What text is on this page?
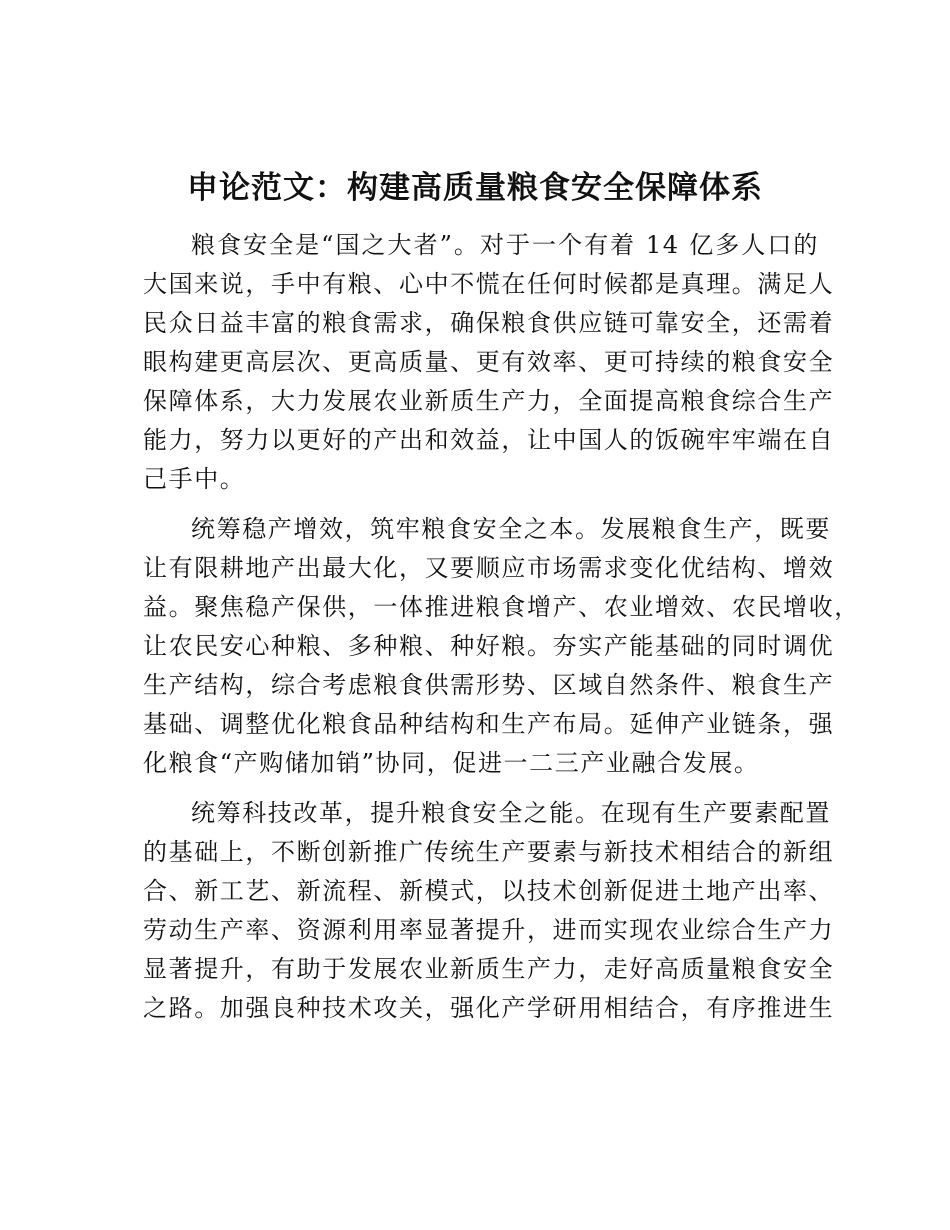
申论范文：构建高质量粮食安全保障体系
粮食安全是“国之大者”。对于一个有着 14 亿多人口的
大国来说，手中有粮、心中不慌在任何时候都是真理。满足人
民众日益丰富的粮食需求，确保粮食供应链可靠安全，还需着
眼构建更高层次、更高质量、更有效率、更可持续的粮食安全
保障体系，大力发展农业新质生产力，全面提高粮食综合生产
能力，努力以更好的产出和效益，让中国人的饭碗牢牢端在自
己手中。
统筹稳产增效，筑牢粮食安全之本。发展粮食生产，既要
让有限耕地产出最大化，又要顺应市场需求变化优结构、增效
益。聚焦稳产保供，一体推进粮食增产、农业增效、农民增收，
让农民安心种粮、多种粮、种好粮。夯实产能基础的同时调优
生产结构，综合考虑粮食供需形势、区域自然条件、粮食生产
基础、调整优化粮食品种结构和生产布局。延伸产业链条，强
化粮食“产购储加销”协同，促进一二三产业融合发展。
统筹科技改革，提升粮食安全之能。在现有生产要素配置
的基础上，不断创新推广传统生产要素与新技术相结合的新组
合、新工艺、新流程、新模式，以技术创新促进土地产出率、
劳动生产率、资源利用率显著提升，进而实现农业综合生产力
显著提升，有助于发展农业新质生产力，走好高质量粮食安全
之路。加强良种技术攻关，强化产学研用相结合，有序推进生
